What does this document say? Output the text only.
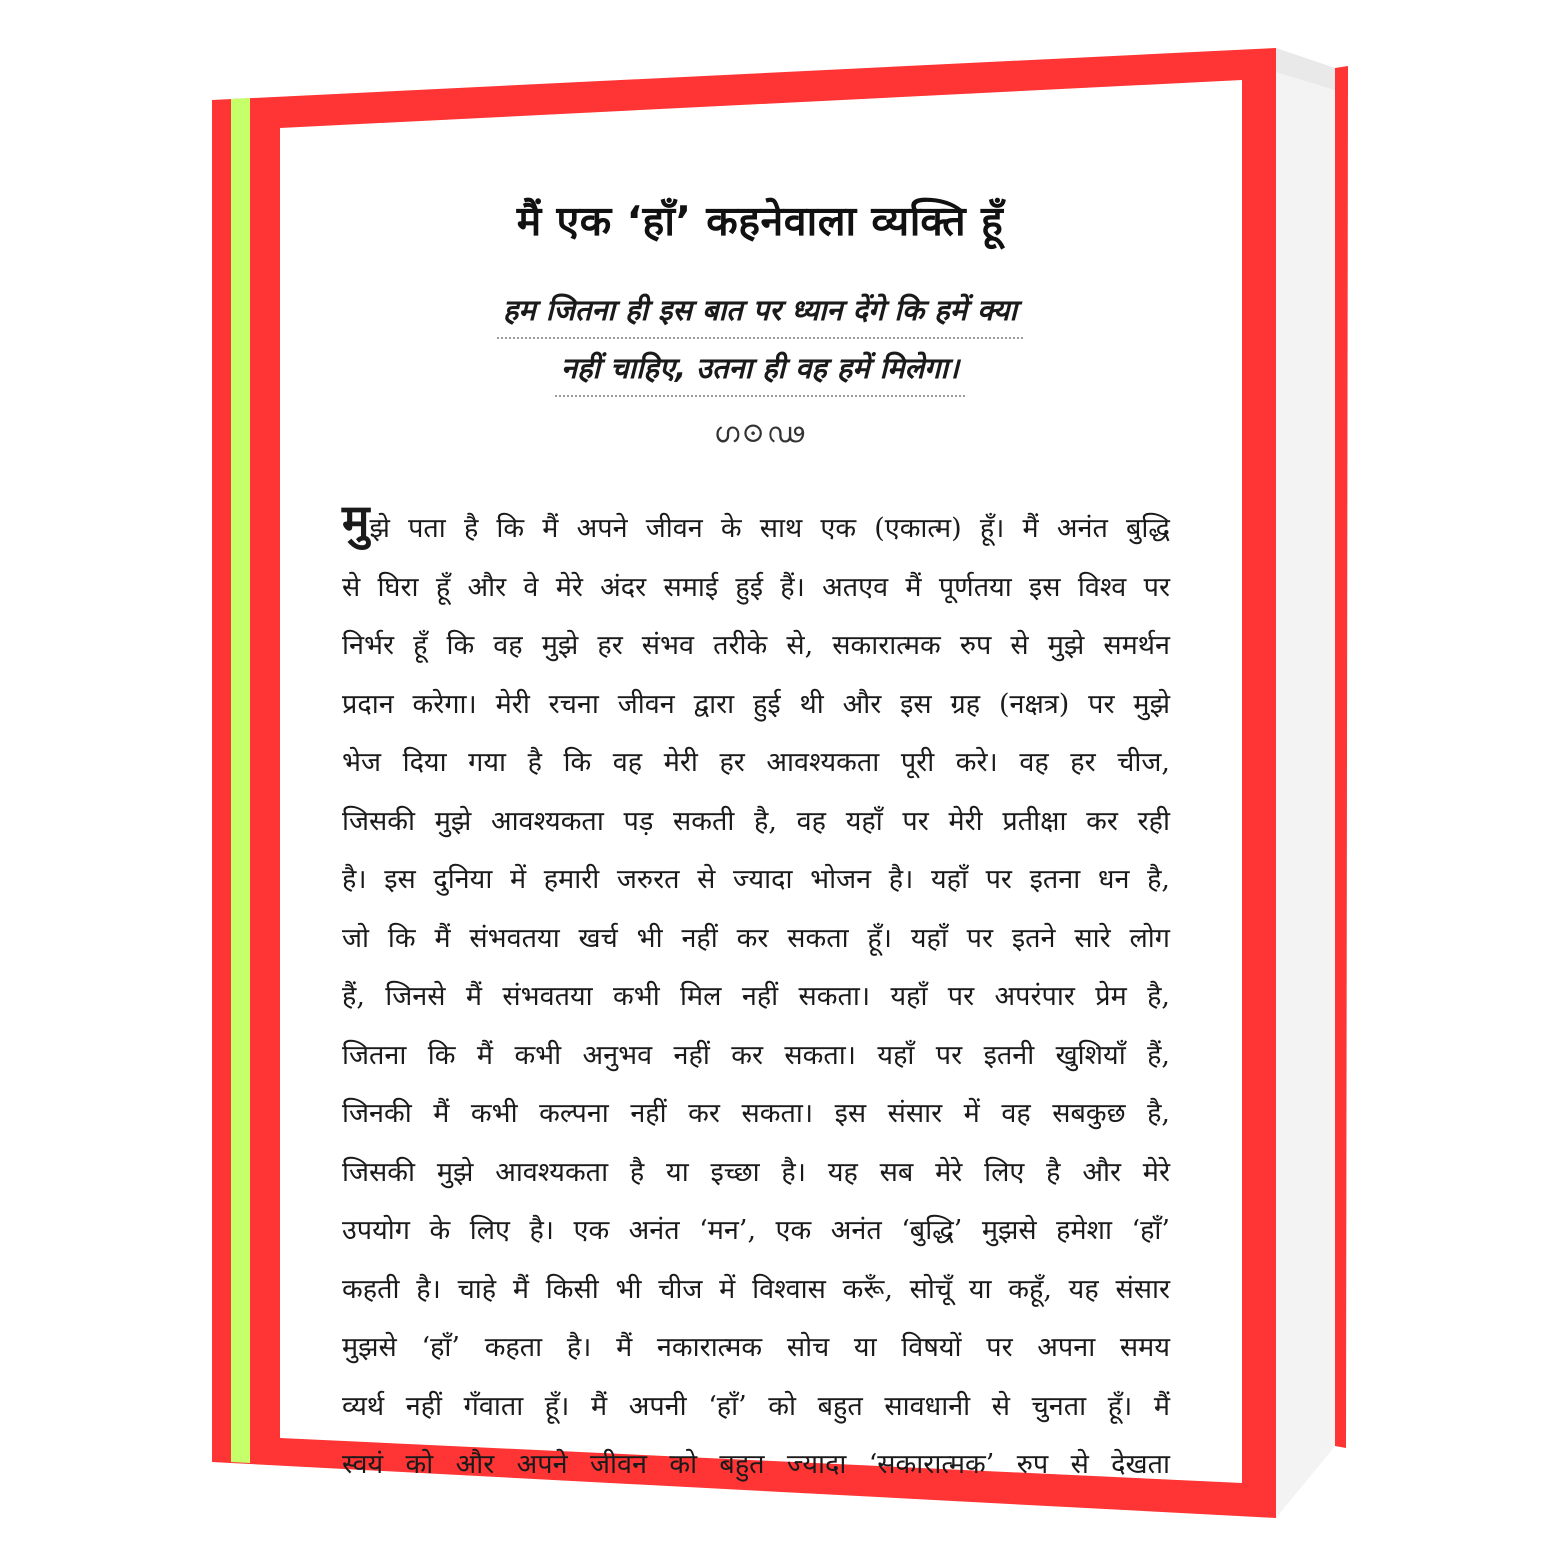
मैं एक ‘हाँ’ कहनेवाला व्यक्ति हूँ
हम जितना ही इस बात पर ध्यान देंगे कि हमें क्या
नहीं चाहिए, उतना ही वह हमें मिलेगा।
ഗ⊙ഢ
मुझे पता है कि मैं अपने जीवन के साथ एक (एकात्म) हूँ। मैं अनंत बुद्धि
से घिरा हूँ और वे मेरे अंदर समाई हुई हैं। अतएव मैं पूर्णतया इस विश्व पर
निर्भर हूँ कि वह मुझे हर संभव तरीके से, सकारात्मक रुप से मुझे समर्थन
प्रदान करेगा। मेरी रचना जीवन द्वारा हुई थी और इस ग्रह (नक्षत्र) पर मुझे
भेज दिया गया है कि वह मेरी हर आवश्यकता पूरी करे। वह हर चीज,
जिसकी मुझे आवश्यकता पड़ सकती है, वह यहाँ पर मेरी प्रतीक्षा कर रही
है। इस दुनिया में हमारी जरुरत से ज्यादा भोजन है। यहाँ पर इतना धन है,
जो कि मैं संभवतया खर्च भी नहीं कर सकता हूँ। यहाँ पर इतने सारे लोग
हैं, जिनसे मैं संभवतया कभी मिल नहीं सकता। यहाँ पर अपरंपार प्रेम है,
जितना कि मैं कभी अनुभव नहीं कर सकता। यहाँ पर इतनी खुशियाँ हैं,
जिनकी मैं कभी कल्पना नहीं कर सकता। इस संसार में वह सबकुछ है,
जिसकी मुझे आवश्यकता है या इच्छा है। यह सब मेरे लिए है और मेरे
उपयोग के लिए है। एक अनंत ‘मन’, एक अनंत ‘बुद्धि’ मुझसे हमेशा ‘हाँ’
कहती है। चाहे मैं किसी भी चीज में विश्वास करूँ, सोचूँ या कहूँ, यह संसार
मुझसे ‘हाँ’ कहता है। मैं नकारात्मक सोच या विषयों पर अपना समय
व्यर्थ नहीं गँवाता हूँ। मैं अपनी ‘हाँ’ को बहुत सावधानी से चुनता हूँ। मैं
स्वयं को और अपने जीवन को बहुत ज्यादा ‘सकारात्मक’ रुप से देखता
